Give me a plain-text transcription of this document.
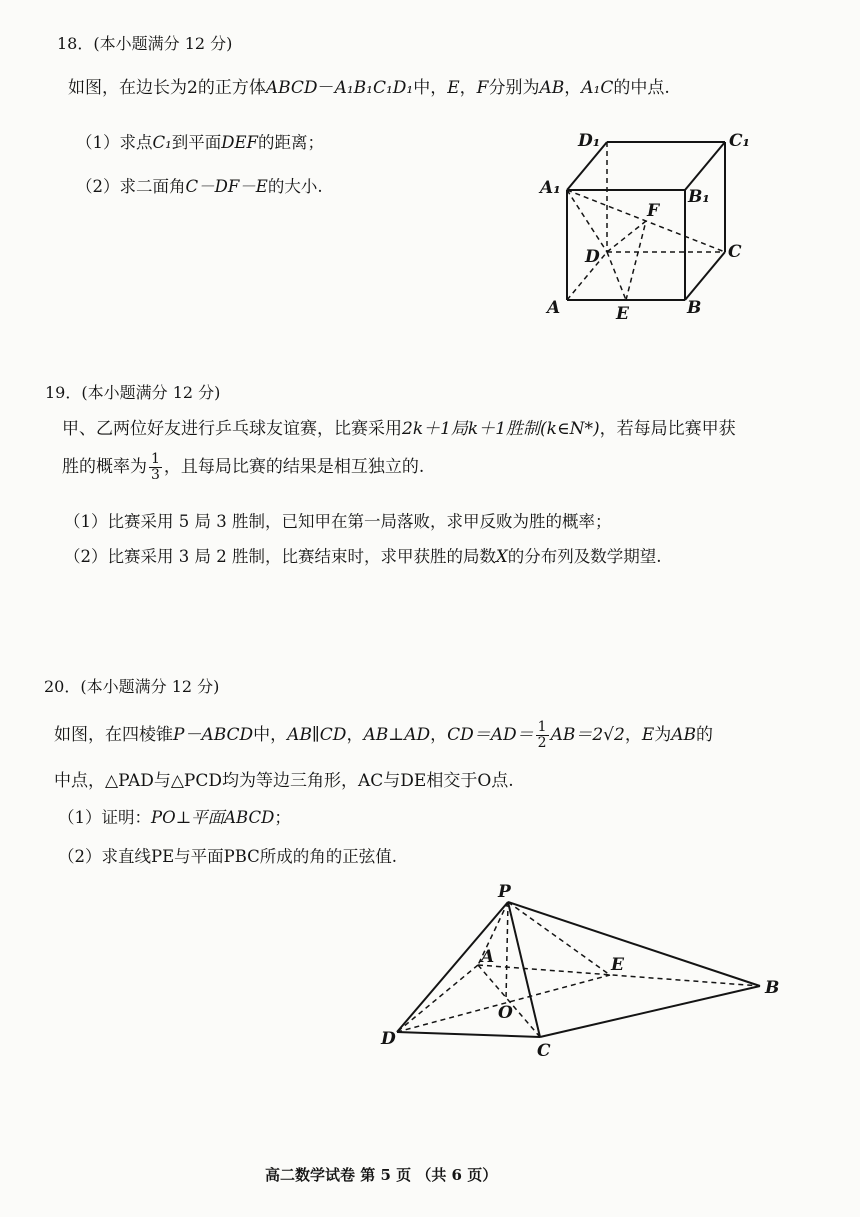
18．(本小题满分 12 分)
如图，在边长为2的正方体ABCD－A₁B₁C₁D₁中，E，F分别为AB，A₁C的中点.
（1）求点C₁到平面DEF的距离；
（2）求二面角C－DF－E的大小.
D₁	C₁
A₁	B₁
F
D	C
A	E	B
19．(本小题满分 12 分)
甲、乙两位好友进行乒乓球友谊赛，比赛采用2k＋1局k＋1胜制(k∈N*)，若每局比赛甲获
胜的概率为 $\frac{1}{3}$ ，且每局比赛的结果是相互独立的.
（1）比赛采用 5 局 3 胜制，已知甲在第一局落败，求甲反败为胜的概率；
（2）比赛采用 3 局 2 胜制，比赛结束时，求甲获胜的局数X的分布列及数学期望.
20．(本小题满分 12 分)
如图，在四棱锥P－ABCD中，AB∥CD，AB⊥AD，$CD=AD= \frac{1}{2} AB=2√2$，E为AB的
中点，△PAD与△PCD均为等边三角形，AC与DE相交于O点.
（1）证明：PO⊥平面ABCD；
（2）求直线PE与平面PBC所成的角的正弦值.
P
A	E
B
O
D
C
高二数学试卷 第 5 页 （共 6 页）
